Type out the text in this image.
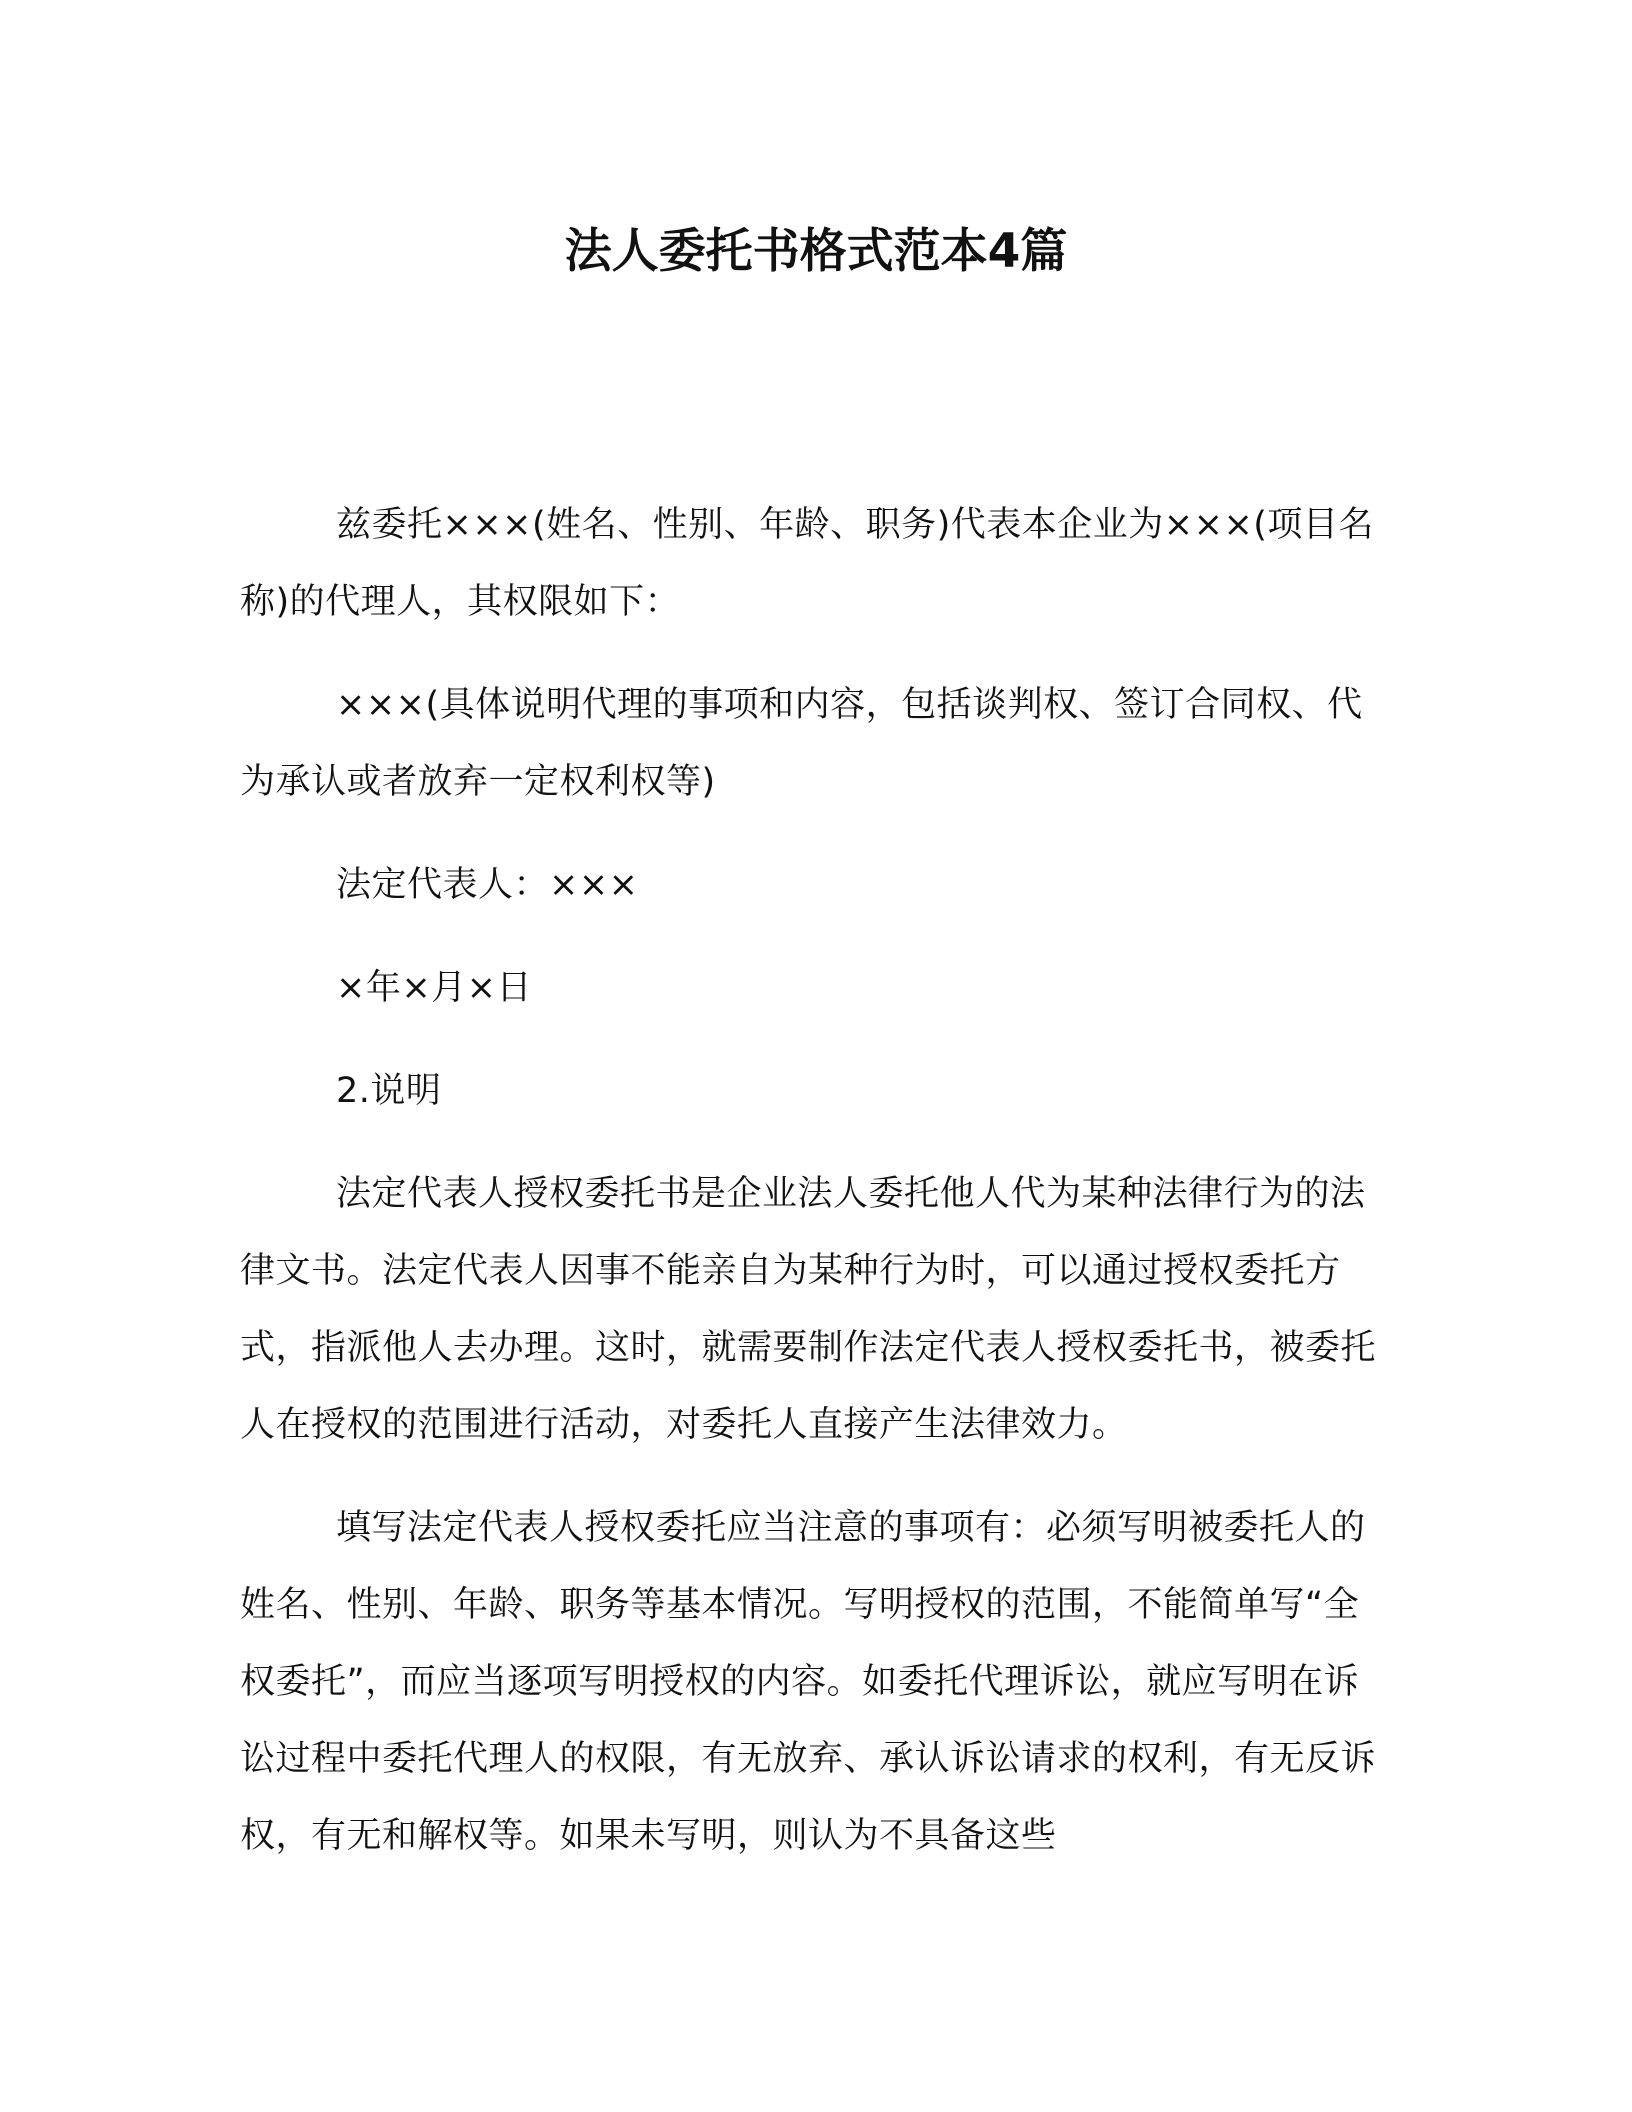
法人委托书格式范本4篇

兹委托×××(姓名、性别、年龄、职务)代表本企业为×××(项目名称)的代理人，其权限如下：

×××(具体说明代理的事项和内容，包括谈判权、签订合同权、代为承认或者放弃一定权利权等)

法定代表人：×××

×年×月×日

2.说明

法定代表人授权委托书是企业法人委托他人代为某种法律行为的法律文书。法定代表人因事不能亲自为某种行为时，可以通过授权委托方式，指派他人去办理。这时，就需要制作法定代表人授权委托书，被委托人在授权的范围进行活动，对委托人直接产生法律效力。

填写法定代表人授权委托应当注意的事项有：必须写明被委托人的姓名、性别、年龄、职务等基本情况。写明授权的范围，不能简单写“全权委托”，而应当逐项写明授权的内容。如委托代理诉讼，就应写明在诉讼过程中委托代理人的权限，有无放弃、承认诉讼请求的权利，有无反诉权，有无和解权等。如果未写明，则认为不具备这些
